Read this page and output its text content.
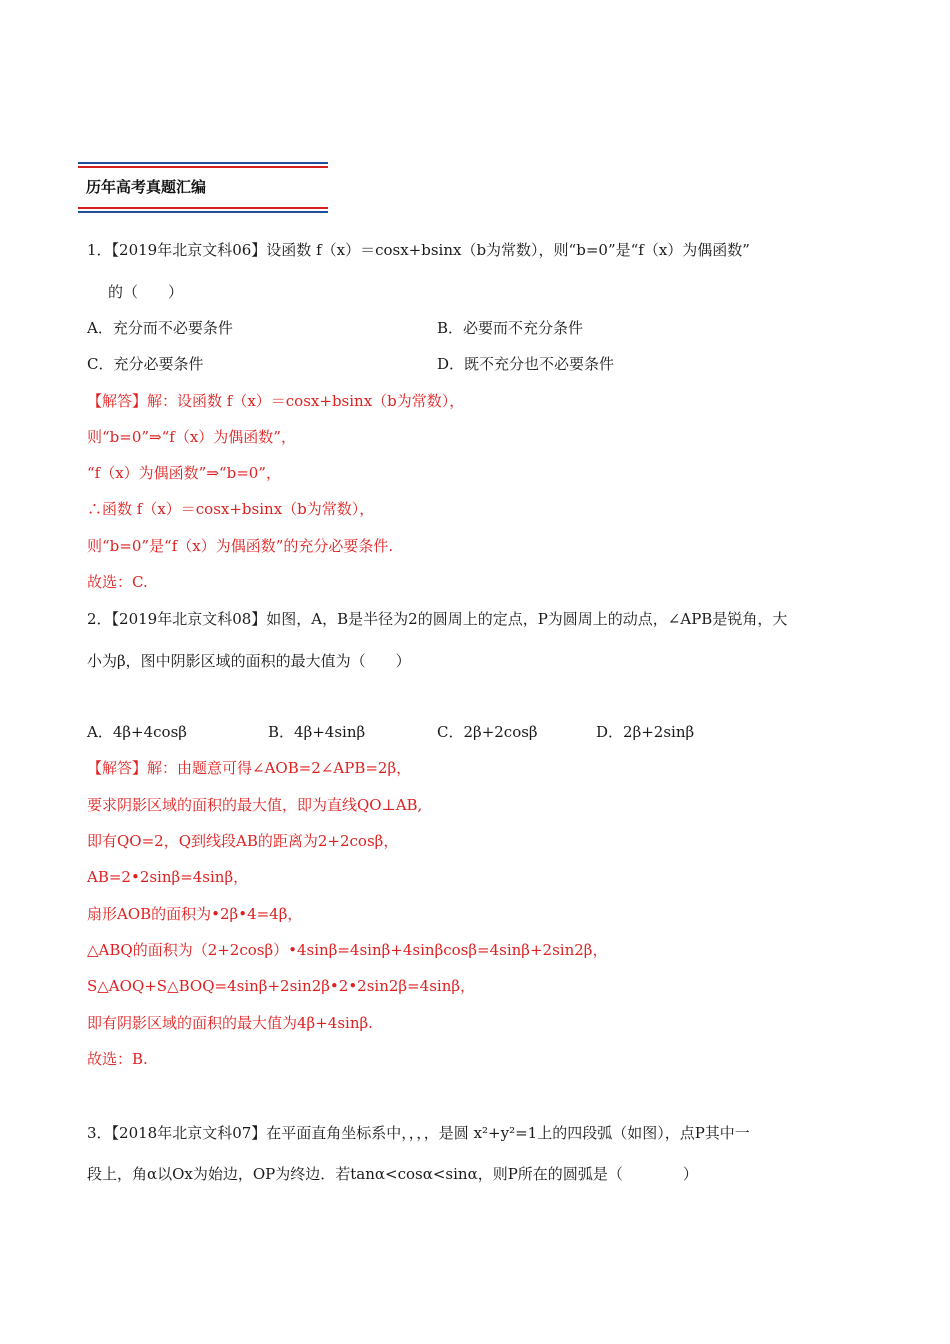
历年高考真题汇编
1．【2019年北京文科06】设函数 f（x）＝cosx+bsinx（b为常数），则“b=0”是“f（x）为偶函数”
的（　　）
A．充分而不必要条件	B．必要而不充分条件
C．充分必要条件	D．既不充分也不必要条件
【解答】解：设函数 f（x）＝cosx+bsinx（b为常数），
则“b=0”⇒“f（x）为偶函数”，
“f（x）为偶函数”⇒“b=0”，
∴函数 f（x）＝cosx+bsinx（b为常数），
则“b=0”是“f（x）为偶函数”的充分必要条件.
故选：C.
2．【2019年北京文科08】如图，A，B是半径为2的圆周上的定点，P为圆周上的动点，∠APB是锐角，大
小为β，图中阴影区域的面积的最大值为（　　）
A．4β+4cosβ	B．4β+4sinβ	C．2β+2cosβ	D．2β+2sinβ
【解答】解：由题意可得∠AOB=2∠APB=2β，
要求阴影区域的面积的最大值，即为直线QO⊥AB,
即有QO=2，Q到线段AB的距离为2+2cosβ，
AB=2•2sinβ=4sinβ，
扇形AOB的面积为•2β•4=4β，
△ABQ的面积为（2+2cosβ）•4sinβ=4sinβ+4sinβcosβ=4sinβ+2sin2β，
S△AOQ+S△BOQ=4sinβ+2sin2β•2•2sin2β=4sinβ，
即有阴影区域的面积的最大值为4β+4sinβ.
故选：B.
3．【2018年北京文科07】在平面直角坐标系中，，，，是圆 x²+y²=1上的四段弧（如图），点P其中一
段上，角α以Ox为始边，OP为终边．若tanα<cosα<sinα，则P所在的圆弧是（　　　　）
